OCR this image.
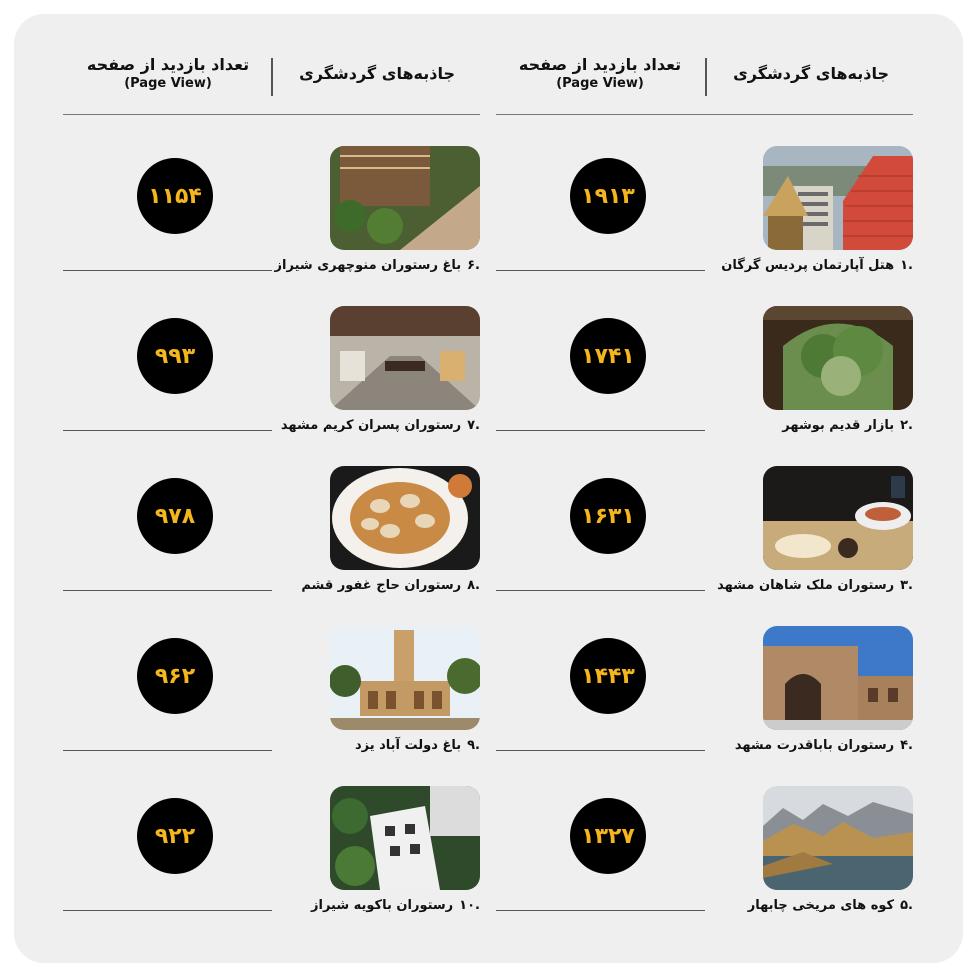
جاذبه‌های گردشگری
تعداد بازدید از صفحه
(Page View)
جاذبه‌های گردشگری
تعداد بازدید از صفحه
(Page View)
.۱هتل آپارتمان پردیس گرگان
۱۹۱۳
.۲بازار قدیم بوشهر
۱۷۴۱
.۳رستوران ملک شاهان مشهد
۱۶۳۱
.۴رستوران باباقدرت مشهد
۱۴۴۳
.۵کوه های مریخی چابهار
۱۳۲۷
.۶باغ رستوران منوچهری شیراز
۱۱۵۴
.۷رستوران پسران کریم مشهد
۹۹۳
.۸رستوران حاج غفور قشم
۹۷۸
.۹باغ دولت آباد یزد
۹۶۲
.۱۰رستوران باکویه شیراز
۹۲۲
